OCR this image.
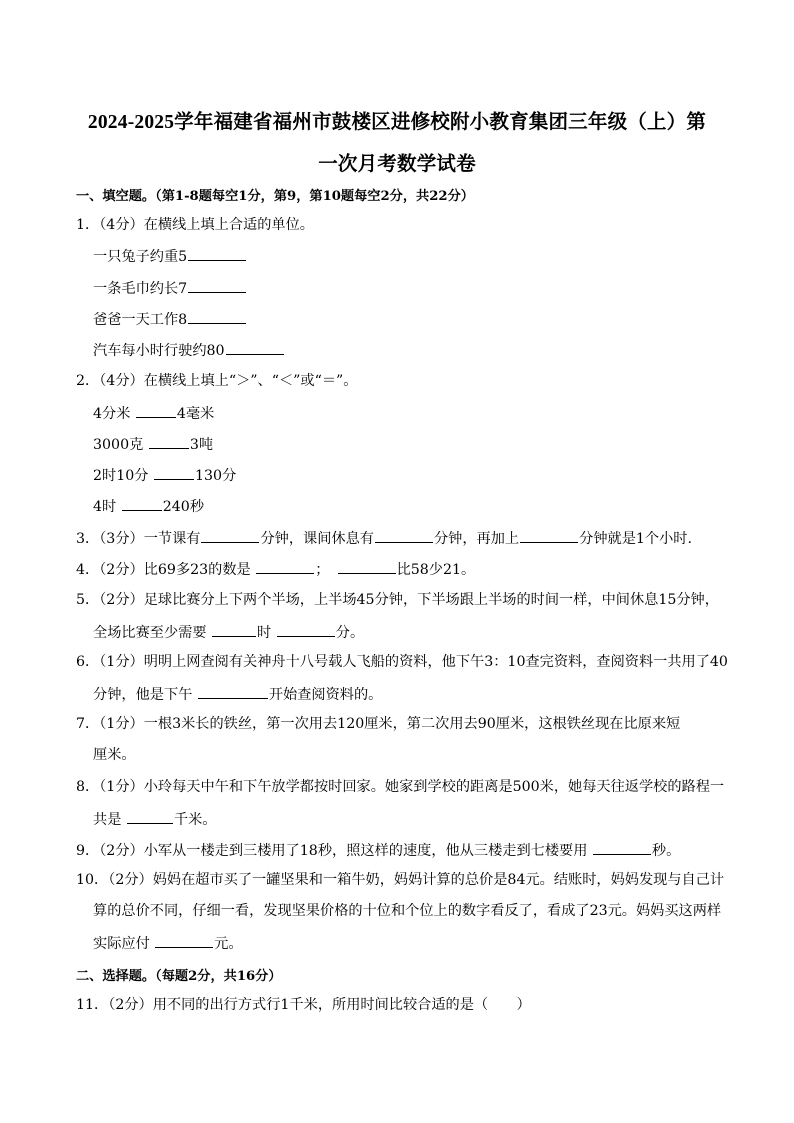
2024-2025学年福建省福州市鼓楼区进修校附小教育集团三年级（上）第
一次月考数学试卷
一、填空题。（第1-8题每空1分，第9，第10题每空2分，共22分）
1．（4分）在横线上填上合适的单位。
一只兔子约重5
一条毛巾约长7
爸爸一天工作8
汽车每小时行驶约80
2．（4分）在横线上填上“＞”、“＜”或“＝”。
4分米	4毫米
3000克	3吨
2时10分	130分
4时	240秒
3．（3分）一节课有	分钟，课间休息有	分钟，再加上	分钟就是1个小时.
4．（2分）比69多23的数是	；　	比58少21。
5．（2分）足球比赛分上下两个半场，上半场45分钟，下半场跟上半场的时间一样，中间休息15分钟，
全场比赛至少需要	时	分。
6．（1分）明明上网查阅有关神舟十八号载人飞船的资料，他下午3：10查完资料，查阅资料一共用了40
分钟，他是下午	开始查阅资料的。
7．（1分）一根3米长的铁丝，第一次用去120厘米，第二次用去90厘米，这根铁丝现在比原来短
厘米。
8．（1分）小玲每天中午和下午放学都按时回家。她家到学校的距离是500米，她每天往返学校的路程一
共是	千米。
9．（2分）小军从一楼走到三楼用了18秒，照这样的速度，他从三楼走到七楼要用	秒。
10．（2分）妈妈在超市买了一罐坚果和一箱牛奶，妈妈计算的总价是84元。结账时，妈妈发现与自己计
算的总价不同，仔细一看，发现坚果价格的十位和个位上的数字看反了，看成了23元。妈妈买这两样
实际应付	元。
二、选择题。（每题2分，共16分）
11．（2分）用不同的出行方式行1千米，所用时间比较合适的是（　　）
